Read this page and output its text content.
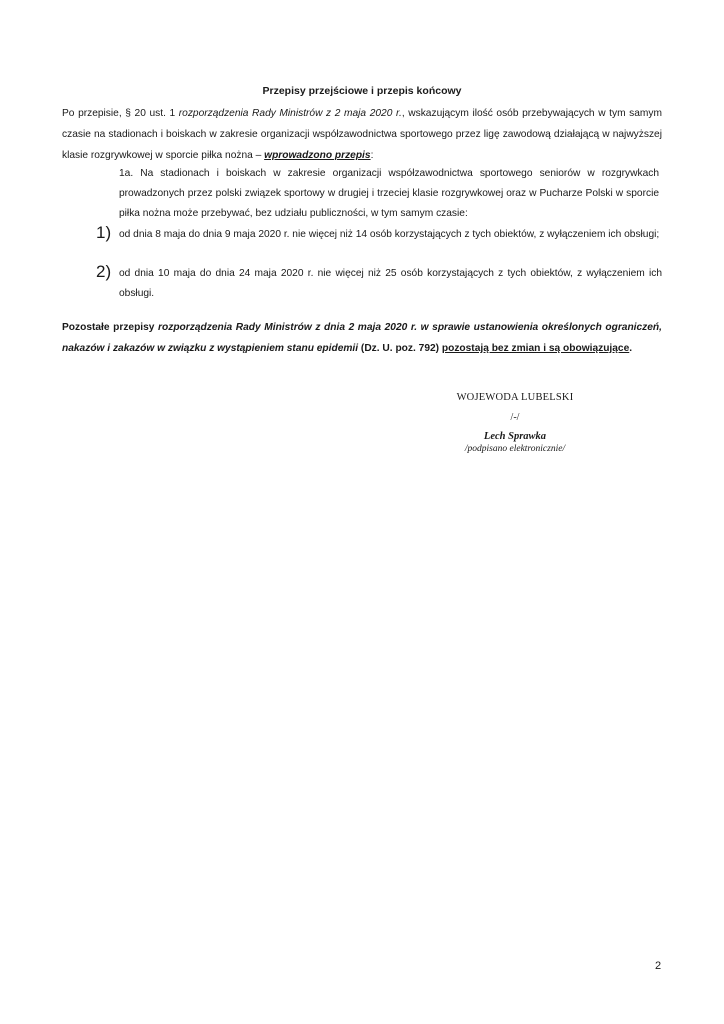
Przepisy przejściowe i przepis końcowy
Po przepisie, § 20 ust. 1 rozporządzenia Rady Ministrów z 2 maja 2020 r., wskazującym ilość osób przebywających w tym samym czasie na stadionach i boiskach w zakresie organizacji współzawodnictwa sportowego przez ligę zawodową działającą w najwyższej klasie rozgrywkowej w sporcie piłka nożna – wprowadzono przepis:
1a. Na stadionach i boiskach w zakresie organizacji współzawodnictwa sportowego seniorów w rozgrywkach prowadzonych przez polski związek sportowy w drugiej i trzeciej klasie rozgrywkowej oraz w Pucharze Polski w sporcie piłka nożna może przebywać, bez udziału publiczności, w tym samym czasie:
1) od dnia 8 maja do dnia 9 maja 2020 r. nie więcej niż 14 osób korzystających z tych obiektów, z wyłączeniem ich obsługi;
2) od dnia 10 maja do dnia 24 maja 2020 r. nie więcej niż 25 osób korzystających z tych obiektów, z wyłączeniem ich obsługi.
Pozostałe przepisy rozporządzenia Rady Ministrów z dnia 2 maja 2020 r. w sprawie ustanowienia określonych ograniczeń, nakazów i zakazów w związku z wystąpieniem stanu epidemii (Dz. U. poz. 792) pozostają bez zmian i są obowiązujące.
WOJEWODA LUBELSKI
/-/
Lech Sprawka
/podpisano elektronicznie/
2
